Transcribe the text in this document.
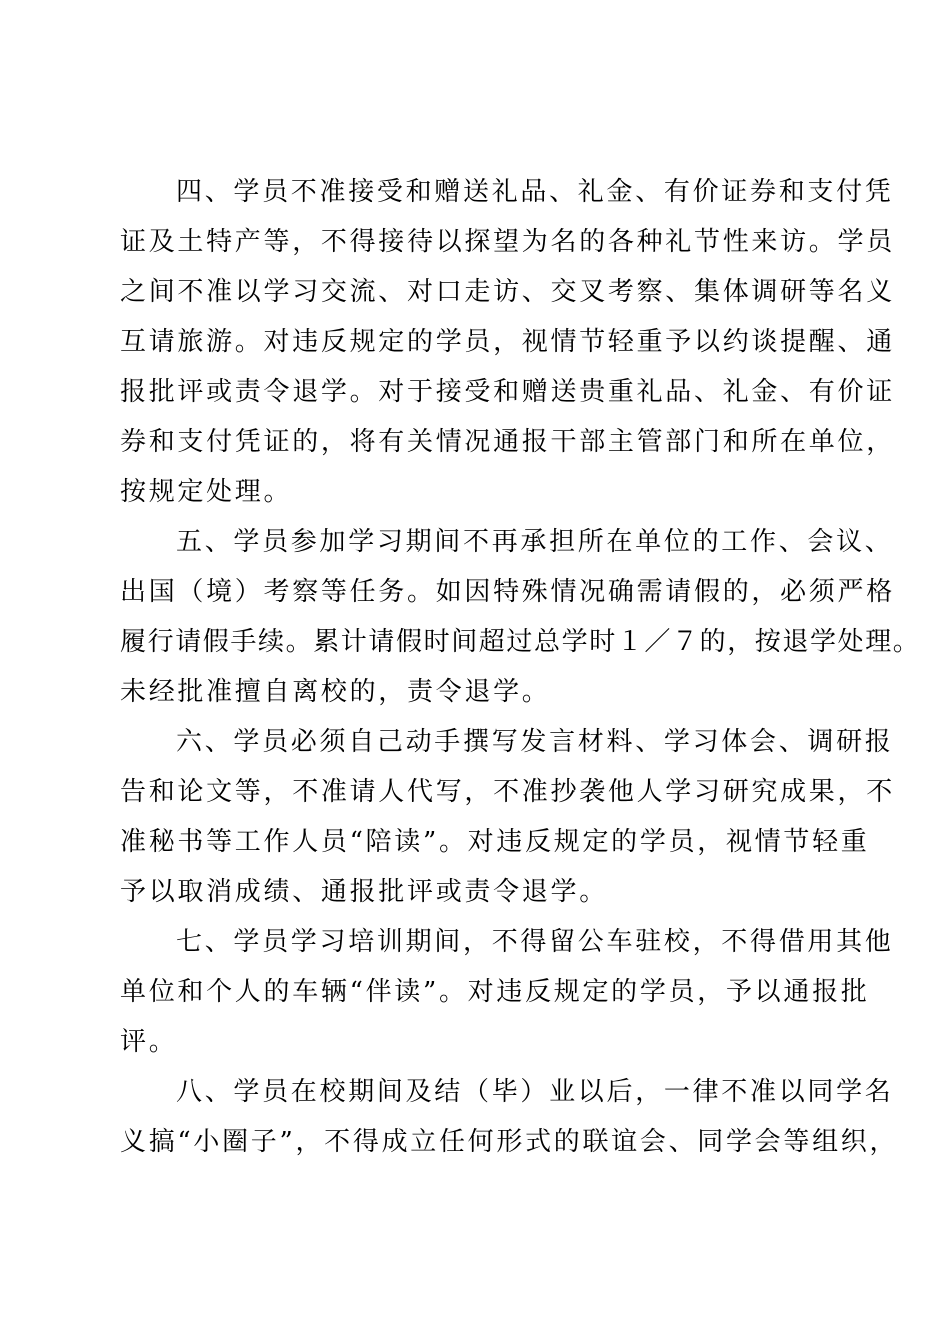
四、学员不准接受和赠送礼品、礼金、有价证券和支付凭
证及土特产等，不得接待以探望为名的各种礼节性来访。学员
之间不准以学习交流、对口走访、交叉考察、集体调研等名义
互请旅游。对违反规定的学员，视情节轻重予以约谈提醒、通
报批评或责令退学。对于接受和赠送贵重礼品、礼金、有价证
券和支付凭证的，将有关情况通报干部主管部门和所在单位，
按规定处理。
五、学员参加学习期间不再承担所在单位的工作、会议、
出国（境）考察等任务。如因特殊情况确需请假的，必须严格
履行请假手续。累计请假时间超过总学时１／７的，按退学处理。
未经批准擅自离校的，责令退学。
六、学员必须自己动手撰写发言材料、学习体会、调研报
告和论文等，不准请人代写，不准抄袭他人学习研究成果，不
准秘书等工作人员“陪读”。对违反规定的学员，视情节轻重
予以取消成绩、通报批评或责令退学。
七、学员学习培训期间，不得留公车驻校，不得借用其他
单位和个人的车辆“伴读”。对违反规定的学员，予以通报批
评。
八、学员在校期间及结（毕）业以后，一律不准以同学名
义搞“小圈子”，不得成立任何形式的联谊会、同学会等组织，
